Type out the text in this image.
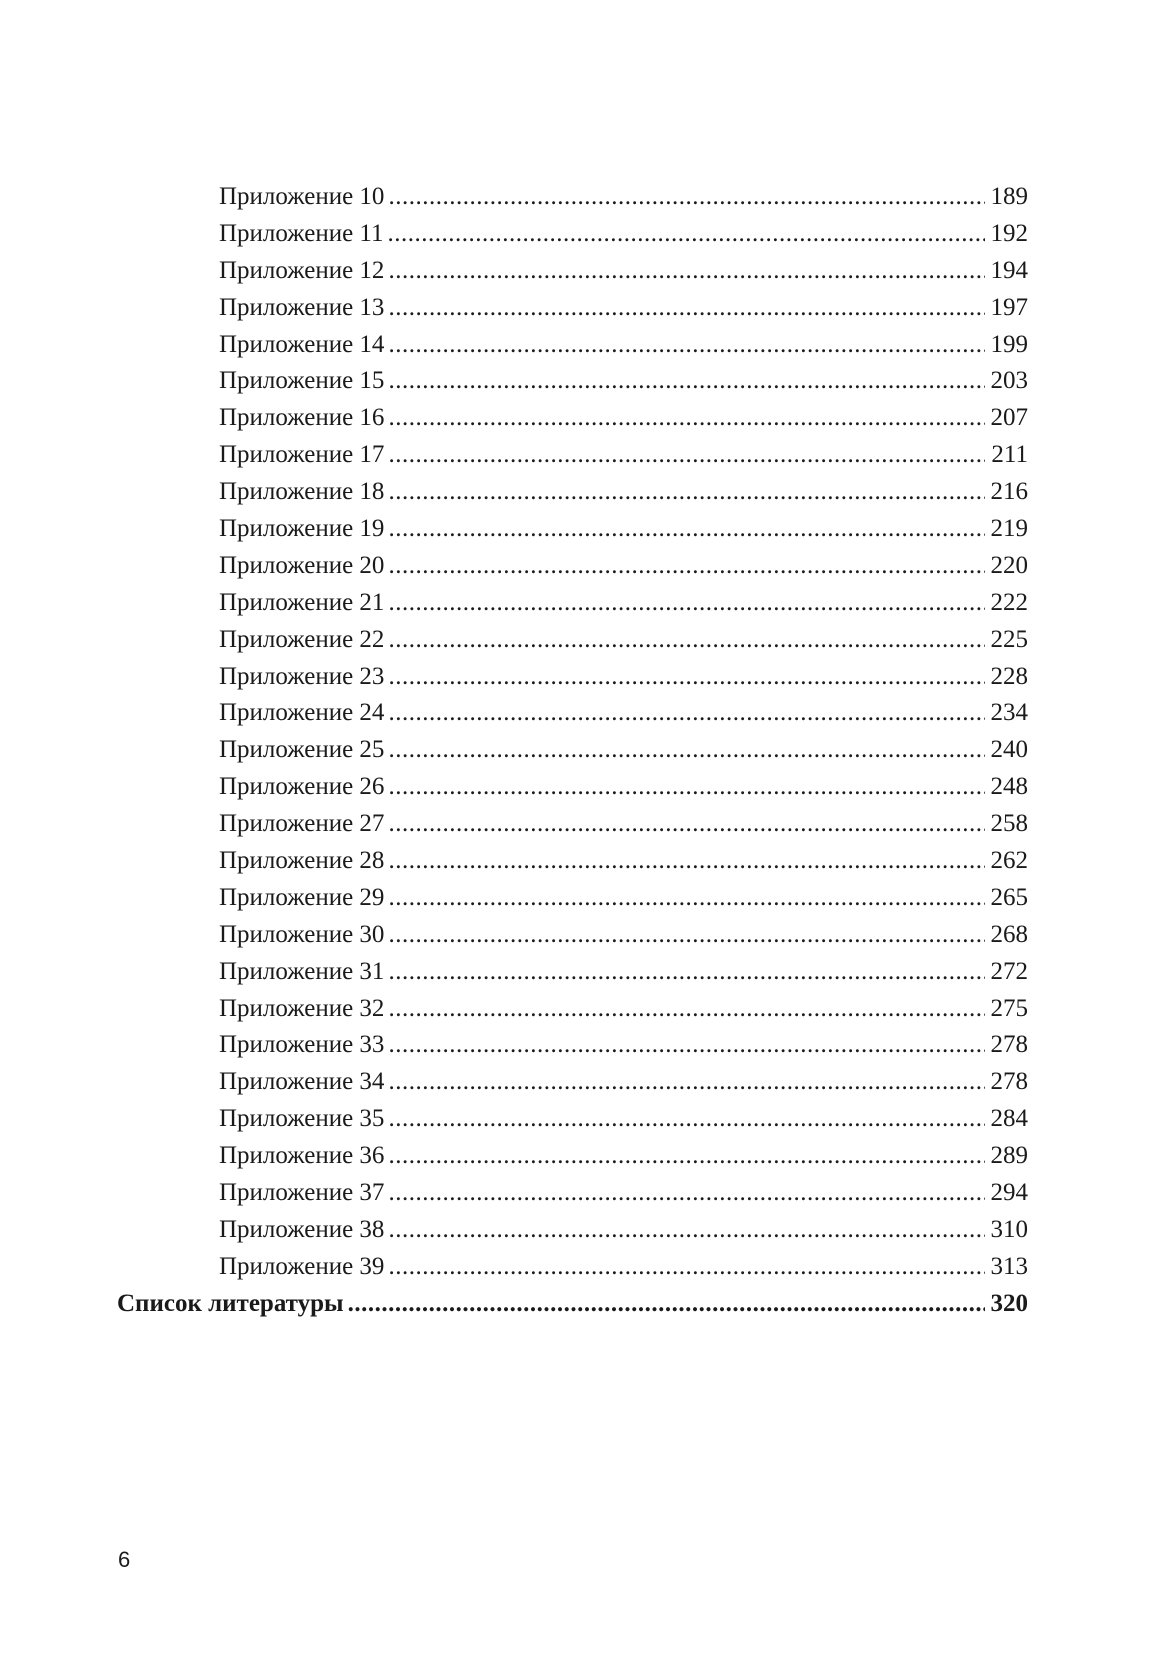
Приложение 10 .....	189
Приложение 11 .....	192
Приложение 12 .....	194
Приложение 13 .....	197
Приложение 14 .....	199
Приложение 15 .....	203
Приложение 16 .....	207
Приложение 17 .....	211
Приложение 18 .....	216
Приложение 19 .....	219
Приложение 20 .....	220
Приложение 21 .....	222
Приложение 22 .....	225
Приложение 23 .....	228
Приложение 24 .....	234
Приложение 25 .....	240
Приложение 26 .....	248
Приложение 27 .....	258
Приложение 28 .....	262
Приложение 29 .....	265
Приложение 30 .....	268
Приложение 31 .....	272
Приложение 32 .....	275
Приложение 33 .....	278
Приложение 34 .....	278
Приложение 35 .....	284
Приложение 36 .....	289
Приложение 37 .....	294
Приложение 38 .....	310
Приложение 39 .....	313
Список литературы .....	320
6
